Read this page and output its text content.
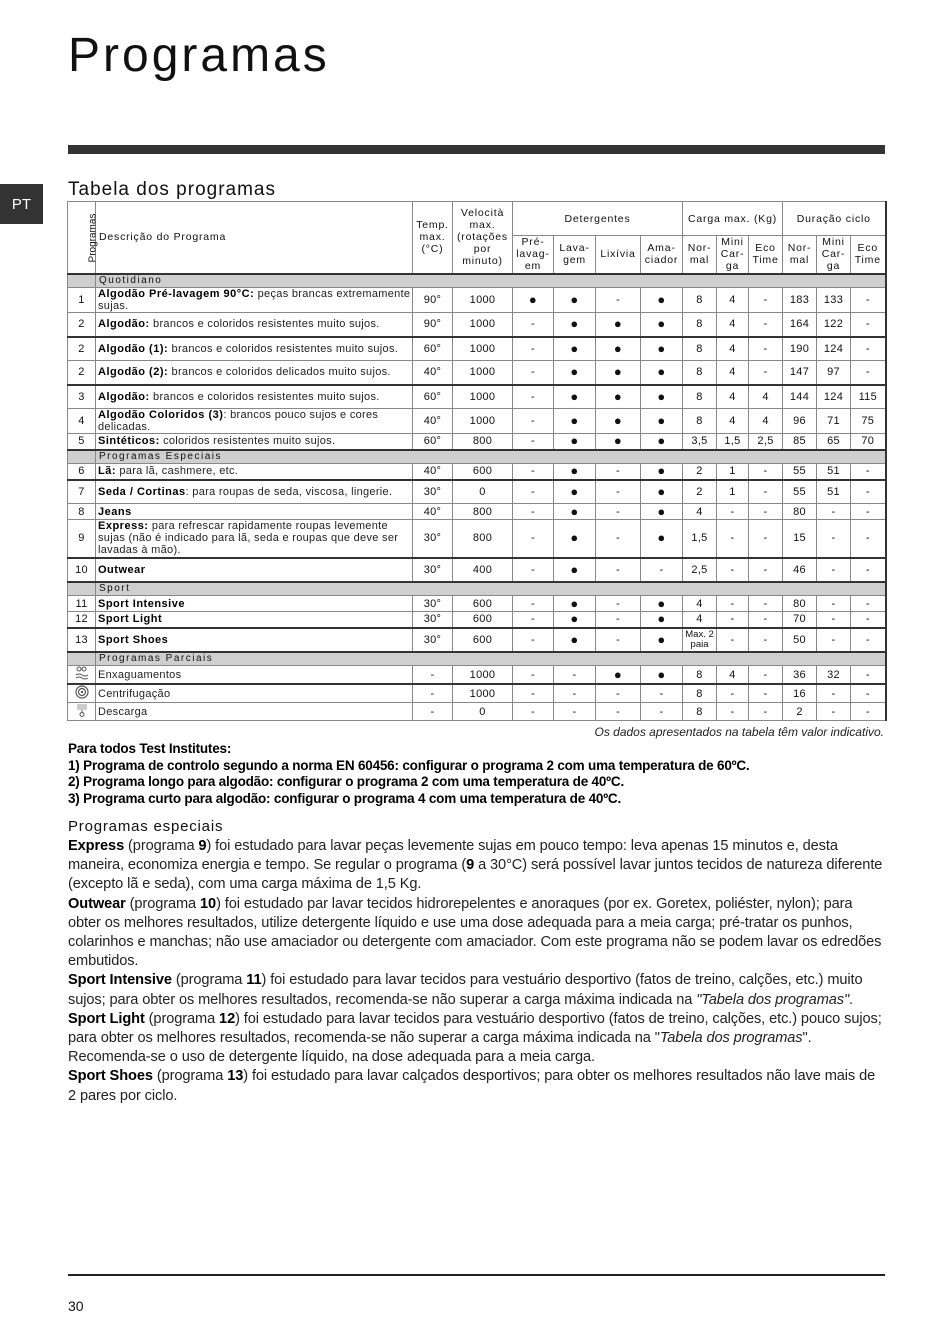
Programas
PT
Tabela dos programas
Programas	Descrição do Programa	Temp. max. (°C)	Velocità max. (rotações por minuto)	Detergentes				Carga max. (Kg)			Duração ciclo		
				Pré-lavag-em	Lava-gem	Lixívia	Ama-ciador	Nor-mal	Mini Car-ga	Eco Time	Nor-mal	Mini Car-ga	Eco Time
	Quotidiano												
1	Algodão Pré-lavagem 90°C: peças brancas extremamente sujas.	90°	1000	●	●	-	●	8	4	-	183	133	-
2	Algodão: brancos e coloridos resistentes muito sujos.	90°	1000	-	●	●	●	8	4	-	164	122	-
2	Algodão (1): brancos e coloridos resistentes muito sujos.	60°	1000	-	●	●	●	8	4	-	190	124	-
2	Algodão (2): brancos e coloridos delicados muito sujos.	40°	1000	-	●	●	●	8	4	-	147	97	-
3	Algodão: brancos e coloridos resistentes muito sujos.	60°	1000	-	●	●	●	8	4	4	144	124	115
4	Algodão Coloridos (3): brancos pouco sujos e cores delicadas.	40°	1000	-	●	●	●	8	4	4	96	71	75
5	Sintéticos: coloridos resistentes muito sujos.	60°	800	-	●	●	●	3,5	1,5	2,5	85	65	70
	Programas Especiais												
6	Lã: para lã, cashmere, etc.	40°	600	-	●	-	●	2	1	-	55	51	-
7	Seda / Cortinas: para roupas de seda, viscosa, lingerie.	30°	0	-	●	-	●	2	1	-	55	51	-
8	Jeans	40°	800	-	●	-	●	4	-	-	80	-	-
9	Express: para refrescar rapidamente roupas levemente sujas (não é indicado para lã, seda e roupas que deve ser lavadas à mão).	30°	800	-	●	-	●	1,5	-	-	15	-	-
10	Outwear	30°	400	-	●	-	-	2,5	-	-	46	-	-
	Sport												
11	Sport Intensive	30°	600	-	●	-	●	4	-	-	80	-	-
12	Sport Light	30°	600	-	●	-	●	4	-	-	70	-	-
13	Sport Shoes	30°	600	-	●	-	●	Max. 2 paia	-	-	50	-	-
	Programas Parciais												
	Enxaguamentos	-	1000	-	-	●	●	8	4	-	36	32	-
	Centrifugação	-	1000	-	-	-	-	8	-	-	16	-	-
	Descarga	-	0	-	-	-	-	8	-	-	2	-	-
Os dados apresentados na tabela têm valor indicativo.
Para todos Test Institutes:
1) Programa de controlo segundo a norma EN 60456: configurar o programa 2 com uma temperatura de 60ºC.
2) Programa longo para algodão: configurar o programa 2 com uma temperatura de 40ºC.
3) Programa curto para algodão: configurar o programa 4 com uma temperatura de 40ºC.
Programas especiais

Express (programa 9) foi estudado para lavar peças levemente sujas em pouco tempo: leva apenas 15 minutos e, desta maneira, economiza energia e tempo. Se regular o programa (9 a 30°C) será possível lavar juntos tecidos de natureza diferente (excepto lã e seda), com uma carga máxima de 1,5 Kg.

Outwear (programa 10) foi estudado par lavar tecidos hidrorepelentes e anoraques (por ex. Goretex, poliéster, nylon); para obter os melhores resultados, utilize detergente líquido e use uma dose adequada para a meia carga; pré-tratar os punhos, colarinhos e manchas; não use amaciador ou detergente com amaciador. Com este programa não se podem lavar os edredões embutidos.

Sport Intensive (programa 11) foi estudado para lavar tecidos para vestuário desportivo (fatos de treino, calções, etc.) muito sujos; para obter os melhores resultados, recomenda-se não superar a carga máxima indicada na "Tabela dos programas".

Sport Light (programa 12) foi estudado para lavar tecidos para vestuário desportivo (fatos de treino, calções, etc.) pouco sujos; para obter os melhores resultados, recomenda-se não superar a carga máxima indicada na "Tabela dos programas". Recomenda-se o uso de detergente líquido, na dose adequada para a meia carga.

Sport Shoes (programa 13) foi estudado para lavar calçados desportivos; para obter os melhores resultados não lave mais de 2 pares por ciclo.

30
